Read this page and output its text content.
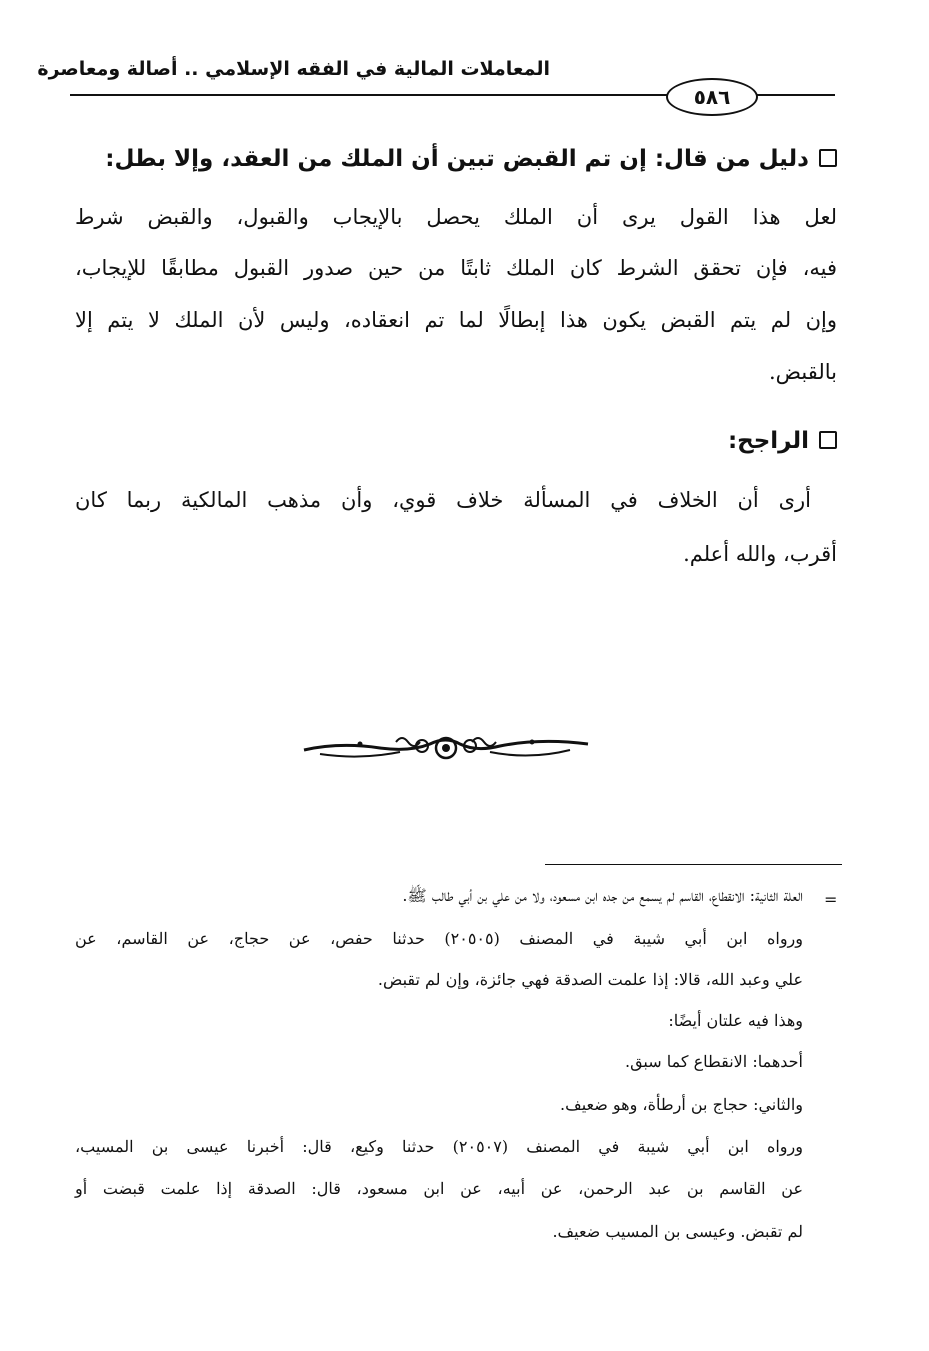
المعاملات المالية في الفقه الإسلامي .. أصالة ومعاصرة
٥٨٦
دليل من قال: إن تم القبض تبين أن الملك من العقد، وإلا بطل:
لعل هذا القول يرى أن الملك يحصل بالإيجاب والقبول، والقبض شرط
فيه، فإن تحقق الشرط كان الملك ثابتًا من حين صدور القبول مطابقًا للإيجاب،
وإن لم يتم القبض يكون هذا إبطالًا لما تم انعقاده، وليس لأن الملك لا يتم إلا
بالقبض.
الراجح:
أرى أن الخلاف في المسألة خلاف قوي، وأن مذهب المالكية ربما كان
أقرب، والله أعلم.
=
العلة الثانية: الانقطاع، القاسم لم يسمع من جده ابن مسعود، ولا من علي بن أبي طالب ﷺ.
ورواه ابن أبي شيبة في المصنف (٢٠٥٠٥) حدثنا حفص، عن حجاج، عن القاسم، عن
علي وعبد الله، قالا: إذا علمت الصدقة فهي جائزة، وإن لم تقبض.
وهذا فيه علتان أيضًا:
أحدهما: الانقطاع كما سبق.
والثاني: حجاج بن أرطأة، وهو ضعيف.
ورواه ابن أبي شيبة في المصنف (٢٠٥٠٧) حدثنا وكيع، قال: أخبرنا عيسى بن المسيب،
عن القاسم بن عبد الرحمن، عن أبيه، عن ابن مسعود، قال: الصدقة إذا علمت قبضت أو
لم تقبض. وعيسى بن المسيب ضعيف.
